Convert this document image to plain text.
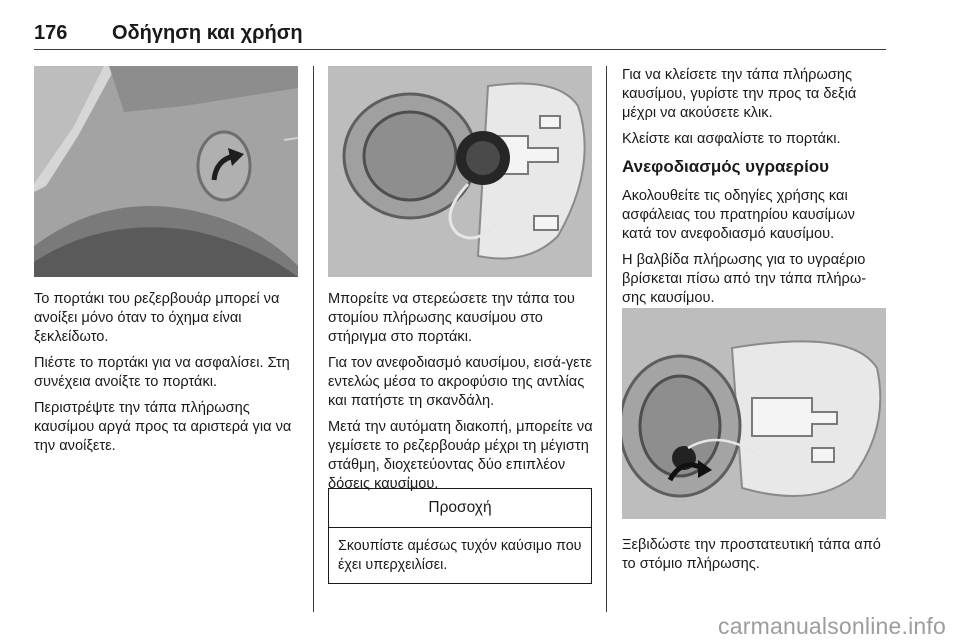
176 Οδήγηση και χρήση

Το πορτάκι του ρεζερβουάρ μπορεί να ανοίξει μόνο όταν το όχημα είναι ξεκλείδωτο.

Πιέστε το πορτάκι για να ασφαλίσει. Στη συνέχεια ανοίξτε το πορτάκι.

Περιστρέψτε την τάπα πλήρωσης καυσίμου αργά προς τα αριστερά για να την ανοίξετε.

Μπορείτε να στερεώσετε την τάπα του στομίου πλήρωσης καυσίμου στο στήριγμα στο πορτάκι.

Για τον ανεφοδιασμό καυσίμου, εισά-γετε εντελώς μέσα το ακροφύσιο της αντλίας και πατήστε τη σκανδάλη.

Μετά την αυτόματη διακοπή, μπορείτε να γεμίσετε το ρεζερβουάρ μέχρι τη μέγιστη στάθμη, διοχετεύοντας δύο επιπλέον δόσεις καυσίμου.

Προσοχή
Σκουπίστε αμέσως τυχόν καύσιμο που έχει υπερχειλίσει.

Για να κλείσετε την τάπα πλήρωσης καυσίμου, γυρίστε την προς τα δεξιά μέχρι να ακούσετε κλικ.

Κλείστε και ασφαλίστε το πορτάκι.

Ανεφοδιασμός υγραερίου

Ακολουθείτε τις οδηγίες χρήσης και ασφάλειας του πρατηρίου καυσίμων κατά τον ανεφοδιασμό καυσίμου.

Η βαλβίδα πλήρωσης για το υγραέριο βρίσκεται πίσω από την τάπα πλήρω-σης καυσίμου.

Ξεβιδώστε την προστατευτική τάπα από το στόμιο πλήρωσης.

carmanualsonline.info
